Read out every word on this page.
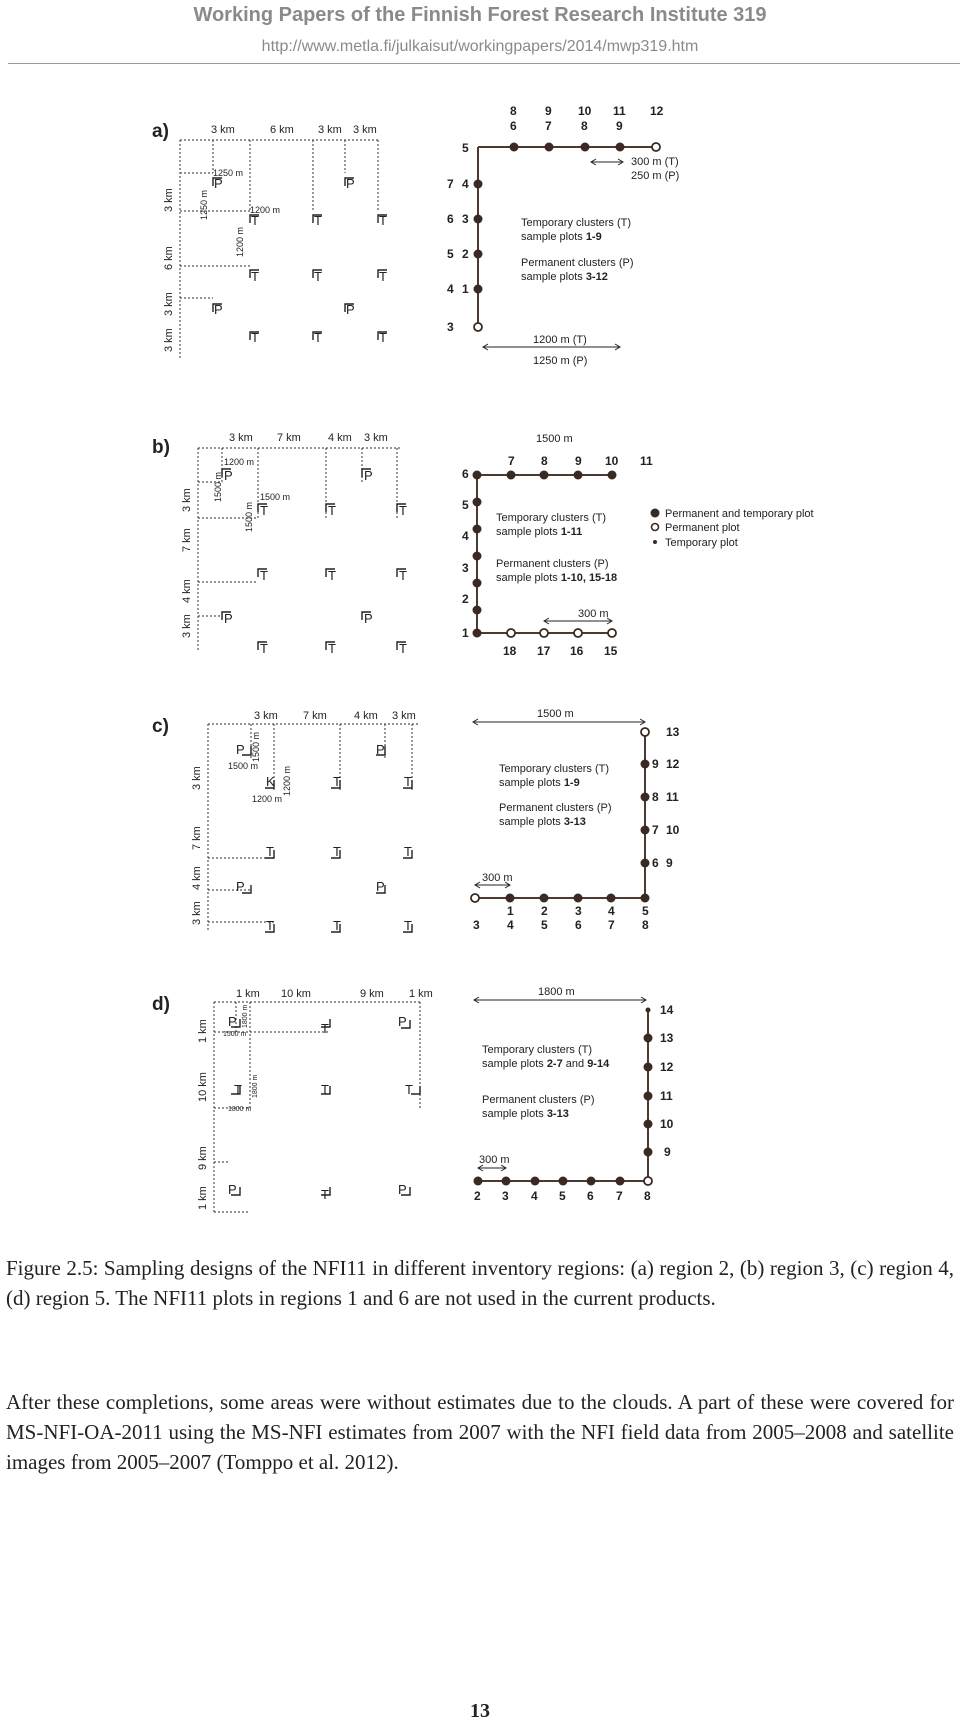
Working Papers of the Finnish Forest Research Institute 319
http://www.metla.fi/julkaisut/workingpapers/2014/mwp319.htm
a)	3 km	6 km 3 km 3 km
3 km
6 km
3 km
3 km
P	P
T	T	T
T	T	T
P	P
T	T	T
1250 m
1250 m	1200 m
1200 m
8 9 10 11 12
6 7 8 9
5
4
3
2
1
3
7
6
5
4
300 m (T)
250 m (P)
Temporary clusters (T)
sample plots 1-9
Permanent clusters (P)
sample plots 3-12
1200 m (T)
1250 m (P)
b)	3 km 7 km 4 km 3 km
3 km
7 km
4 km
3 km
P	P
T	T	T
T	T	T
P	P
T	T	T
1200 m
1500 m	1500 m
1500 m
1500 m
7 8 9 10 11
6
5
4
3
2
1
18 17 16 15
Temporary clusters (T)
sample plots 1-11
Permanent clusters (P)
sample plots 1-10, 15-18
300 m
Permanent and temporary plot
Permanent plot
Temporary plot
c)	3 km 7 km 4 km 3 km
3 km
7 km
4 km
3 km
P	P
K	T	T
T	T	T
P	P
T	T	T
1500 m
1500 m	1200 m
1200 m
1500 m
300 m
1 2 3 4 5
3 4 5 6 7 8
13
9 12
8 11
7 10
6 9
Temporary clusters (T)
sample plots 1-9
Permanent clusters (P)
sample plots 3-13
d)	1 km 10 km	9 km 1 km
1 km
10 km
9 km
1 km
P	T	P
T	T	T
P	T	P
1500 m
1800 m
1800 m
1800 m
1800 m
300 m
2 3 4 5 6 7 8
14
13
12
11
10
9
Temporary clusters (T)
sample plots 2-7 and 9-14
Permanent clusters (P)
sample plots 3-13
Figure 2.5: Sampling designs of the NFI11 in different inventory regions: (a) region 2, (b) region 3, (c) region 4, (d) region 5. The NFI11 plots in regions 1 and 6 are not used in the current products.
After these completions, some areas were without estimates due to the clouds. A part of these were covered for MS-NFI-OA-2011 using the MS-NFI estimates from 2007 with the NFI field data from 2005–2008 and satellite images from 2005–2007 (Tomppo et al. 2012).
13
